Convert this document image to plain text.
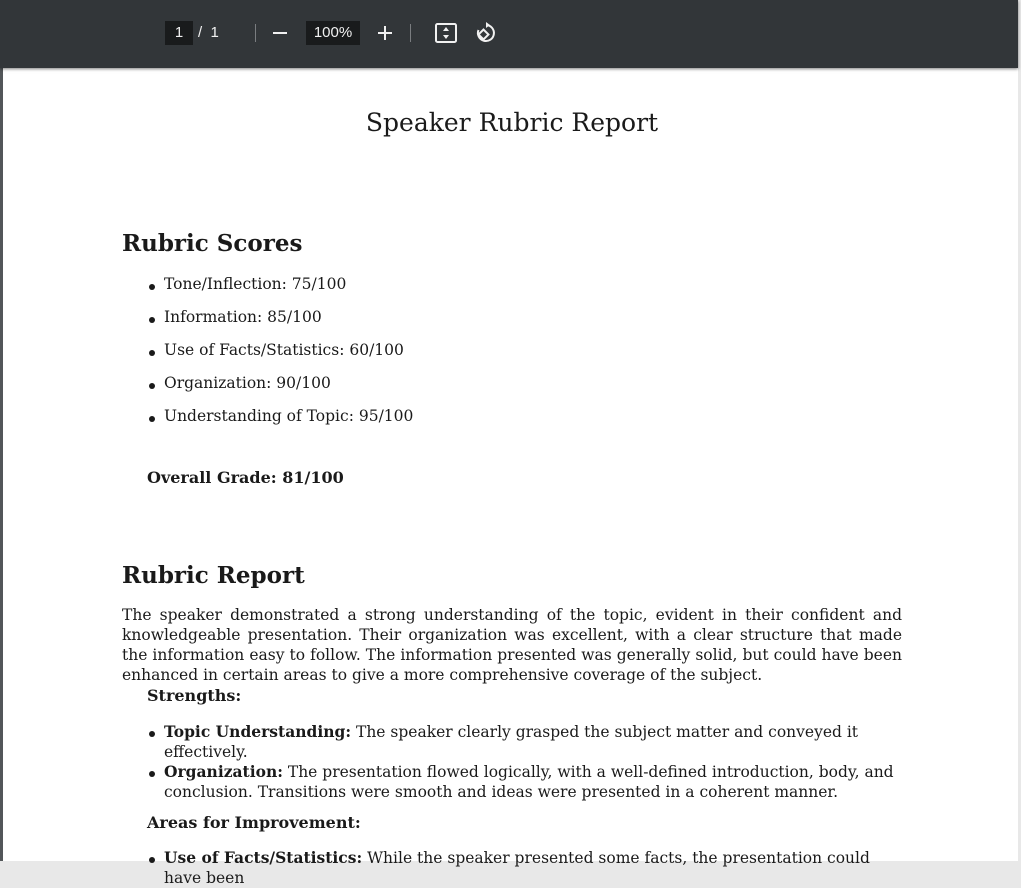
1 / 1	100%
Speaker Rubric Report
Rubric Scores
Tone/Inflection: 75/100
Information: 85/100
Use of Facts/Statistics: 60/100
Organization: 90/100
Understanding of Topic: 95/100
Overall Grade: 81/100
Rubric Report

The speaker demonstrated a strong understanding of the topic, evident in their confident and knowledgeable presentation. Their organization was excellent, with a clear structure that made the information easy to follow. The information presented was generally solid, but could have been enhanced in certain areas to give a more comprehensive coverage of the subject.

Strengths:
Topic Understanding: The speaker clearly grasped the subject matter and conveyed it effectively.
Organization: The presentation flowed logically, with a well-defined introduction, body, and conclusion. Transitions were smooth and ideas were presented in a coherent manner.
Areas for Improvement:
Use of Facts/Statistics: While the speaker presented some facts, the presentation could have been
